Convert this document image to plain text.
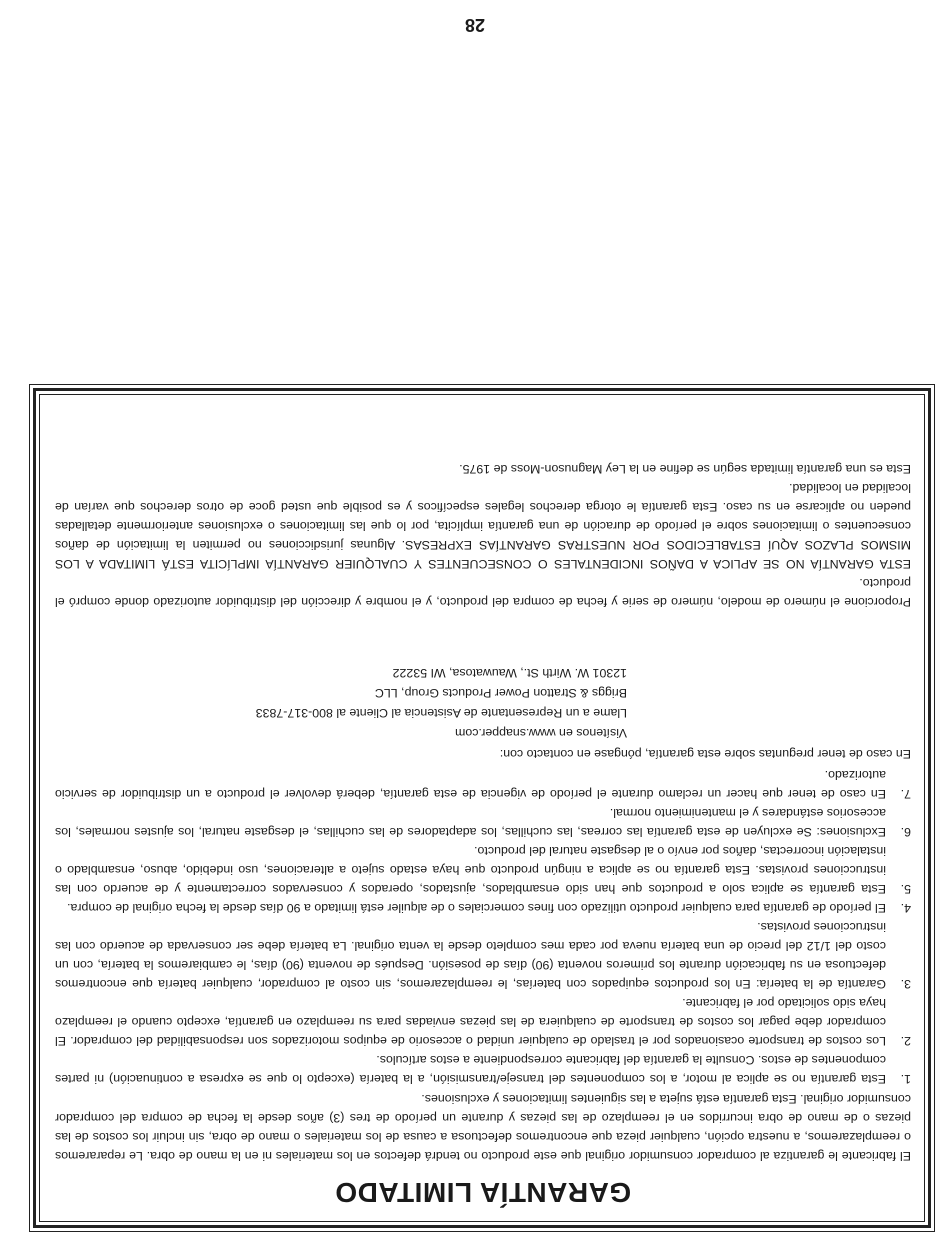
GARANTÍA LIMITADO

El fabricante le garantiza al comprador consumidor original que este producto no tendrá defectos en los materiales ni en la mano de obra. Le repararemos o reemplazaremos, a nuestra opción, cualquier pieza que encontremos defectuosa a causa de los materiales o mano de obra, sin incluir los costos de las piezas o de mano de obra incurridos en el reemplazo de las piezas y durante un período de tres (3) años desde la fecha de compra del comprador consumidor original. Esta garantía está sujeta a las siguientes limitaciones y exclusiones.

1.
Esta garantía no se aplica al motor, a los componentes del transeje/transmisión, a la batería (excepto lo que se expresa a continuación) ni partes componentes de estos. Consulte la garantía del fabricante correspondiente a estos artículos.
2.
Los costos de transporte ocasionados por el traslado de cualquier unidad o accesorio de equipos motorizados son responsabilidad del comprador. El comprador debe pagar los costos de transporte de cualquiera de las piezas enviadas para su reemplazo en garantía, excepto cuando el reemplazo haya sido solicitado por el fabricante.
3.
Garantía de la batería: En los productos equipados con baterías, le reemplazaremos, sin costo al comprador, cualquier batería que encontremos defectuosa en su fabricación durante los primeros noventa (90) días de posesión. Después de noventa (90) días, le cambiaremos la batería, con un costo del 1/12 del precio de una batería nueva por cada mes completo desde la venta original. La batería debe ser conservada de acuerdo con las instrucciones provistas.
4.
El período de garantía para cualquier producto utilizado con fines comerciales o de alquiler está limitado a 90 días desde la fecha original de compra.
5.
Esta garantía se aplica solo a productos que han sido ensamblados, ajustados, operados y conservados correctamente y de acuerdo con las instrucciones provistas. Esta garantía no se aplica a ningún producto que haya estado sujeto a alteraciones, uso indebido, abuso, ensamblado o instalación incorrectas, daños por envío o al desgaste natural del producto.
6.
Exclusiones: Se excluyen de esta garantía las correas, las cuchillas, los adaptadores de las cuchillas, el desgaste natural, los ajustes normales, los accesorios estándares y el mantenimiento normal.
7.
En caso de tener que hacer un reclamo durante el período de vigencia de esta garantía, deberá devolver el producto a un distribuidor de servicio autorizado.

En caso de tener preguntas sobre esta garantía, póngase en contacto con:

Visítenos en www.snapper.com
Llame a un Representante de Asistencia al Cliente al 800-317-7833
Briggs & Stratton Power Products Group, LLC
12301 W. Wirth St., Wauwatosa, WI 53222

Proporcione el número de modelo, número de serie y fecha de compra del producto, y el nombre y dirección del distribuidor autorizado donde compró el producto.

ESTA GARANTÍA NO SE APLICA A DAÑOS INCIDENTALES O CONSECUENTES Y CUALQUIER GARANTÍA IMPLÍCITA ESTÁ LIMITADA A LOS MISMOS PLAZOS AQUÍ ESTABLECIDOS POR NUESTRAS GARANTÍAS EXPRESAS. Algunas jurisdicciones no permiten la limitación de daños consecuentes o limitaciones sobre el período de duración de una garantía implícita, por lo que las limitaciones o exclusiones anteriormente detalladas pueden no aplicarse en su caso. Esta garantía le otorga derechos legales específicos y es posible que usted goce de otros derechos que varían de localidad en localidad.

Esta es una garantía limitada según se define en la Ley Magnuson-Moss de 1975.

28
